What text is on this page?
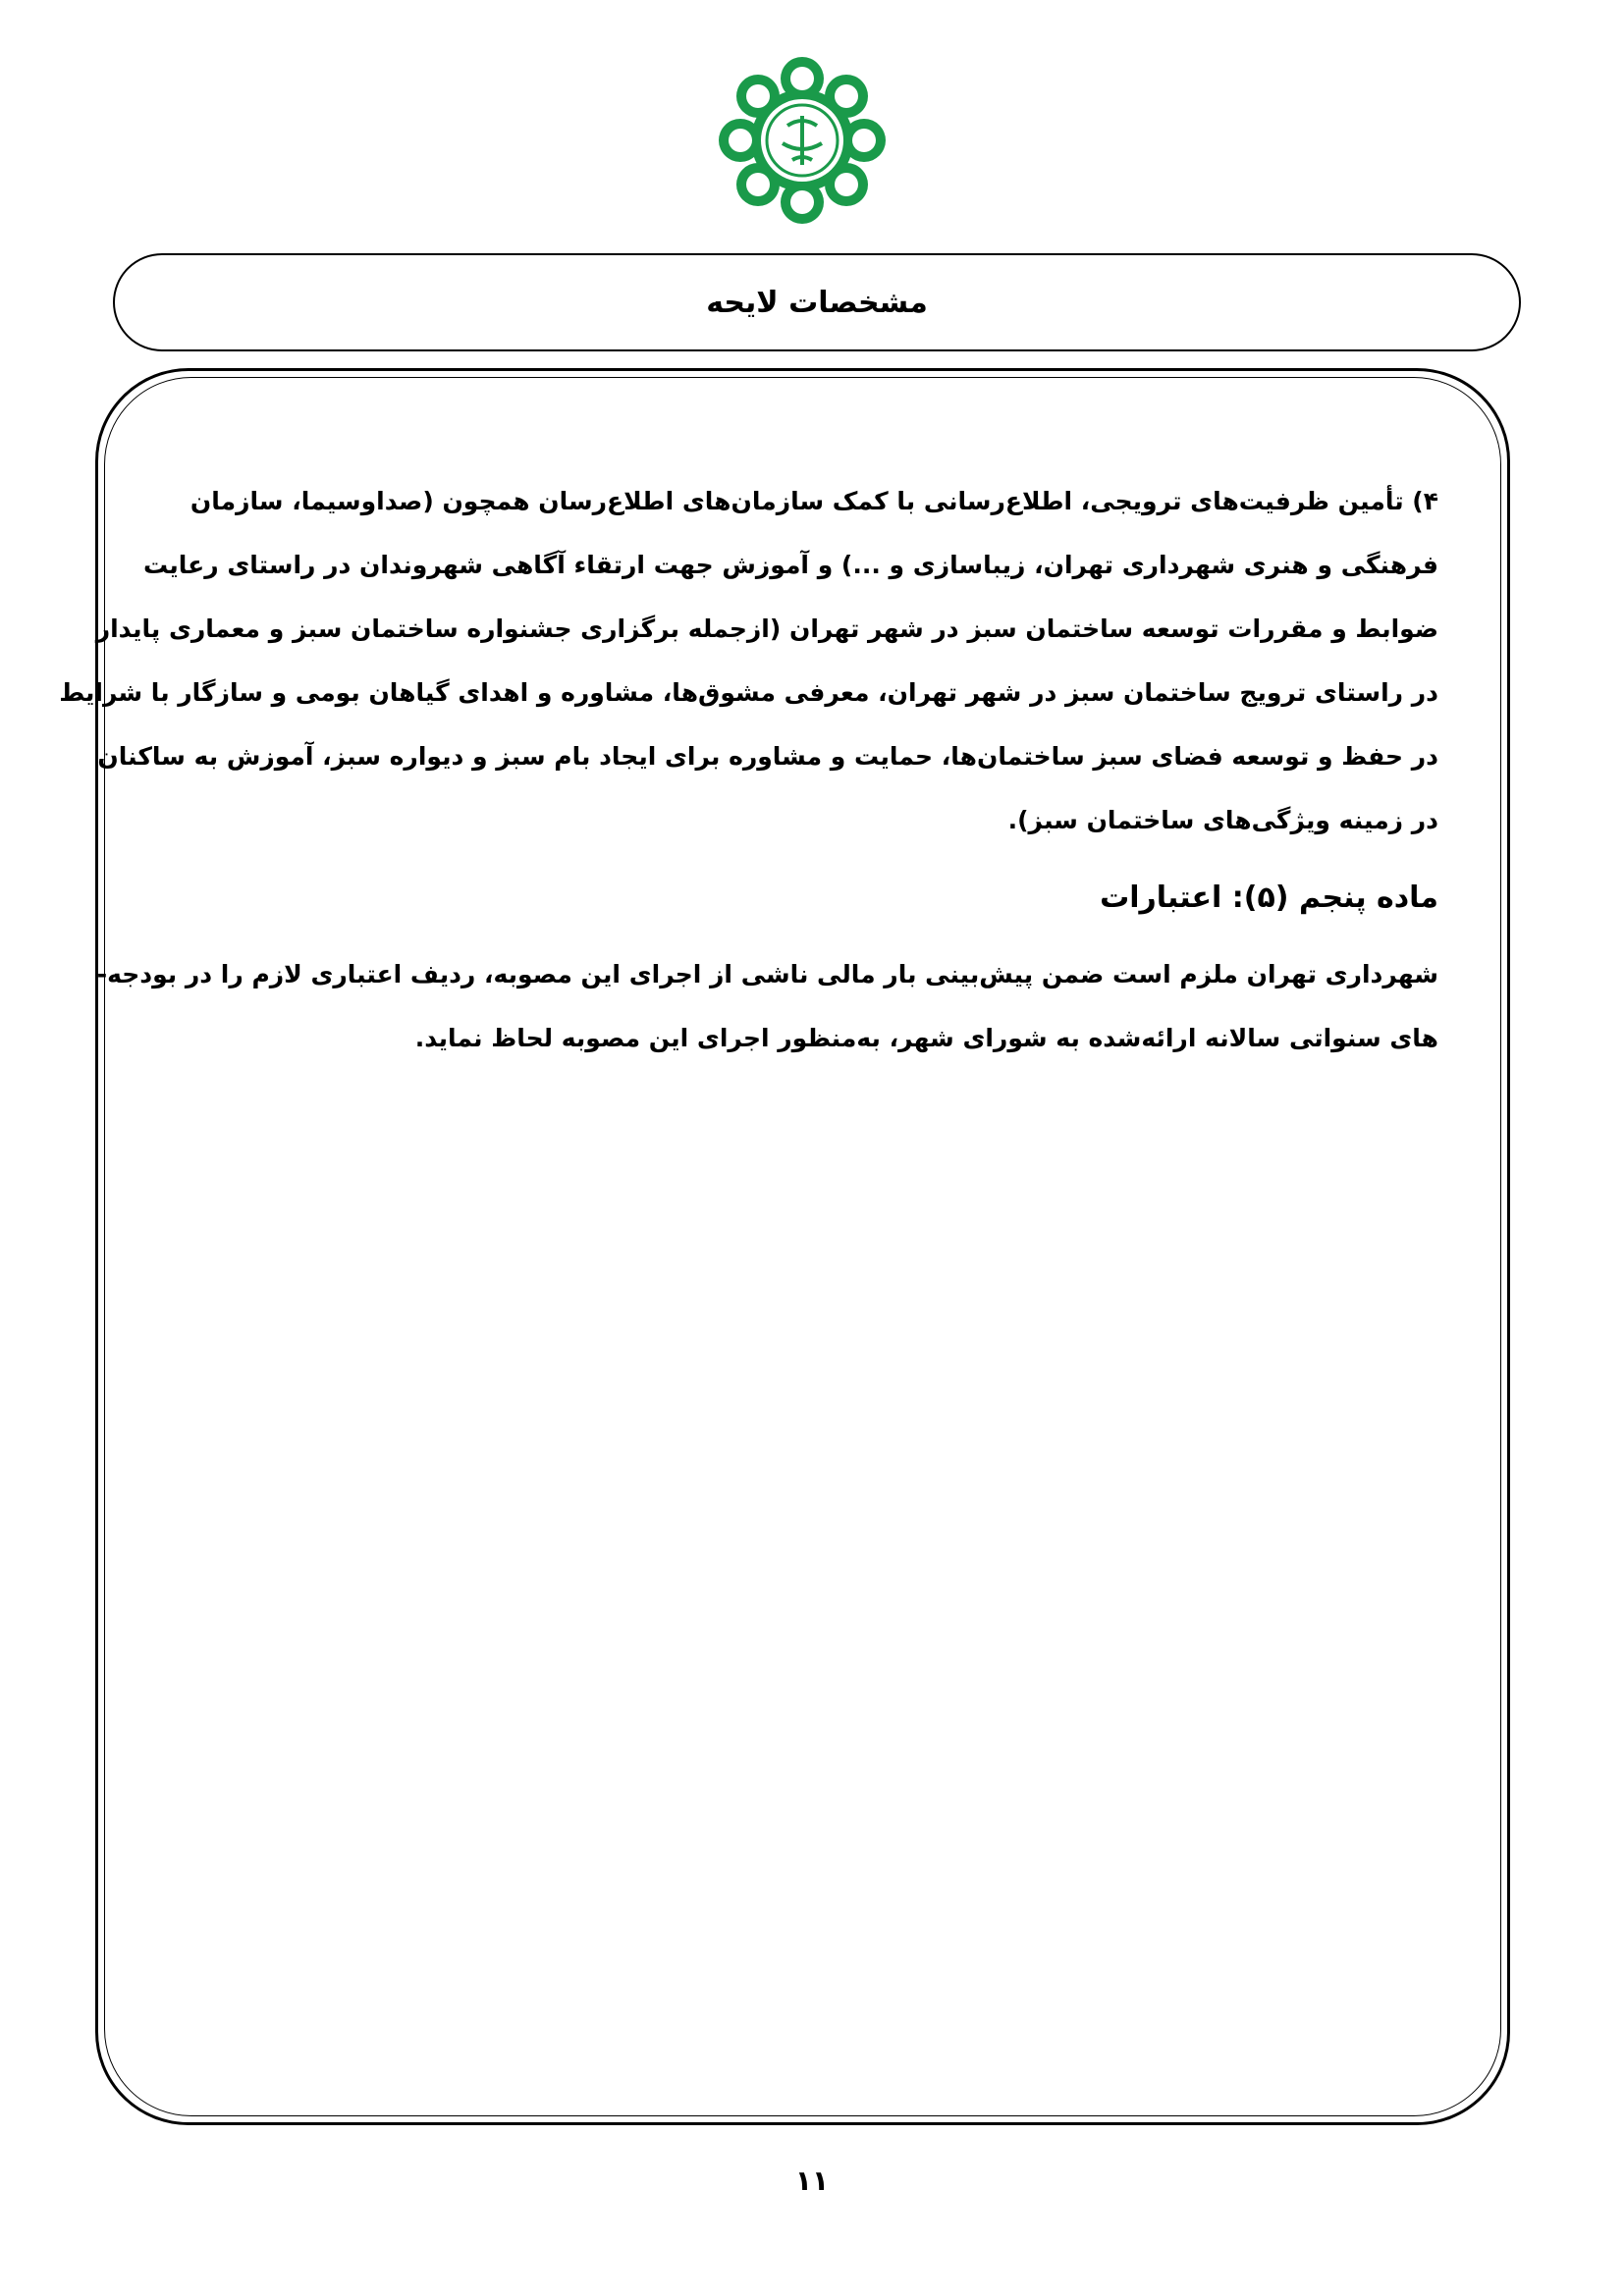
مشخصات لایحه
۴) تأمین ظرفیت‌های ترویجی، اطلاع‌رسانی با کمک سازمان‌های اطلاع‌رسان همچون (صداوسیما، سازمان
فرهنگی و هنری شهرداری تهران، زیباسازی و ...) و آموزش جهت ارتقاء آگاهی شهروندان در راستای رعایت
ضوابط و مقررات توسعه ساختمان سبز در شهر تهران (ازجمله برگزاری جشنواره ساختمان سبز و معماری پایدار
در راستای ترویج ساختمان سبز در شهر تهران، معرفی مشوق‌ها، مشاوره و اهدای گیاهان بومی و سازگار با شرایط
در حفظ و توسعه فضای سبز ساختمان‌ها، حمایت و مشاوره برای ایجاد بام سبز و دیواره سبز، آموزش به ساکنان
در زمینه ویژگی‌های ساختمان سبز).
ماده پنجم (۵): اعتبارات
شهرداری تهران ملزم است ضمن پیش‌بینی بار مالی ناشی از اجرای این مصوبه، ردیف اعتباری لازم را در بودجه-
های سنواتی سالانه ارائه‌شده به شورای شهر، به‌منظور اجرای این مصوبه لحاظ نماید.
۱۱
